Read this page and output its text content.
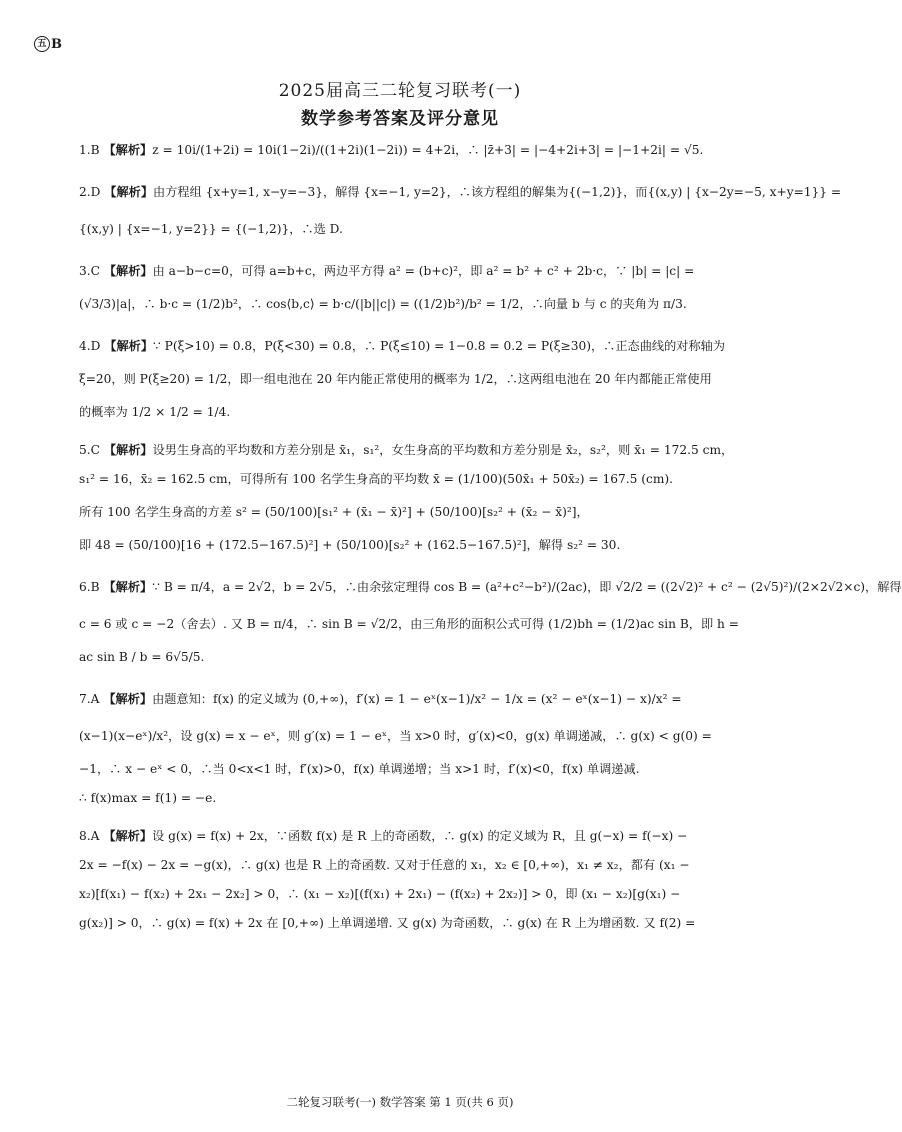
五 B
2025届高三二轮复习联考(一)
数学参考答案及评分意见
1.B 【解析】z = 10i/(1+2i) = 10i(1−2i)/((1+2i)(1−2i)) = 4+2i，∴ |z̄+3| = |−4+2i+3| = |−1+2i| = √5.
2.D 【解析】由方程组 {x+y=1, x−y=−3}，解得 {x=−1, y=2}，∴该方程组的解集为{(−1,2)}，而{(x,y) | {x−2y=−5, x+y=1}} =
{(x,y) | {x=−1, y=2}} = {(−1,2)}，∴选 D.
3.C 【解析】由 a−b−c=0，可得 a=b+c，两边平方得 a² = (b+c)²，即 a² = b² + c² + 2b·c，∵ |b| = |c| =
(√3/3)|a|，∴ b·c = (1/2)b²，∴ cos⟨b,c⟩ = b·c/(|b||c|) = ((1/2)b²)/b² = 1/2，∴向量 b 与 c 的夹角为 π/3.
4.D 【解析】∵ P(ξ>10) = 0.8，P(ξ<30) = 0.8，∴ P(ξ≤10) = 1−0.8 = 0.2 = P(ξ≥30)，∴正态曲线的对称轴为
ξ=20，则 P(ξ≥20) = 1/2，即一组电池在 20 年内能正常使用的概率为 1/2，∴这两组电池在 20 年内都能正常使用
的概率为 1/2 × 1/2 = 1/4.
5.C 【解析】设男生身高的平均数和方差分别是 x̄₁，s₁²，女生身高的平均数和方差分别是 x̄₂，s₂²，则 x̄₁ = 172.5 cm，
s₁² = 16，x̄₂ = 162.5 cm，可得所有 100 名学生身高的平均数 x̄ = (1/100)(50x̄₁ + 50x̄₂) = 167.5 (cm).
所有 100 名学生身高的方差 s² = (50/100)[s₁² + (x̄₁ − x̄)²] + (50/100)[s₂² + (x̄₂ − x̄)²]，
即 48 = (50/100)[16 + (172.5−167.5)²] + (50/100)[s₂² + (162.5−167.5)²]，解得 s₂² = 30.
6.B 【解析】∵ B = π/4，a = 2√2，b = 2√5，∴由余弦定理得 cos B = (a²+c²−b²)/(2ac)，即 √2/2 = ((2√2)² + c² − (2√5)²)/(2×2√2×c)，解得
c = 6 或 c = −2（舍去）. 又 B = π/4，∴ sin B = √2/2，由三角形的面积公式可得 (1/2)bh = (1/2)ac sin B，即 h =
ac sin B / b = 6√5/5.
7.A 【解析】由题意知：f(x) 的定义域为 (0,+∞)，f′(x) = 1 − eˣ(x−1)/x² − 1/x = (x² − eˣ(x−1) − x)/x² =
(x−1)(x−eˣ)/x²，设 g(x) = x − eˣ，则 g′(x) = 1 − eˣ，当 x>0 时，g′(x)<0，g(x) 单调递减，∴ g(x) < g(0) =
−1，∴ x − eˣ < 0，∴当 0<x<1 时，f′(x)>0，f(x) 单调递增；当 x>1 时，f′(x)<0，f(x) 单调递减.
∴ f(x)max = f(1) = −e.
8.A 【解析】设 g(x) = f(x) + 2x，∵函数 f(x) 是 R 上的奇函数，∴ g(x) 的定义域为 R，且 g(−x) = f(−x) −
2x = −f(x) − 2x = −g(x)，∴ g(x) 也是 R 上的奇函数. 又对于任意的 x₁，x₂ ∈ [0,+∞)，x₁ ≠ x₂，都有 (x₁ −
x₂)[f(x₁) − f(x₂) + 2x₁ − 2x₂] > 0，∴ (x₁ − x₂)[(f(x₁) + 2x₁) − (f(x₂) + 2x₂)] > 0，即 (x₁ − x₂)[g(x₁) −
g(x₂)] > 0，∴ g(x) = f(x) + 2x 在 [0,+∞) 上单调递增. 又 g(x) 为奇函数，∴ g(x) 在 R 上为增函数. 又 f(2) =
二轮复习联考(一) 数学答案 第 1 页(共 6 页)
